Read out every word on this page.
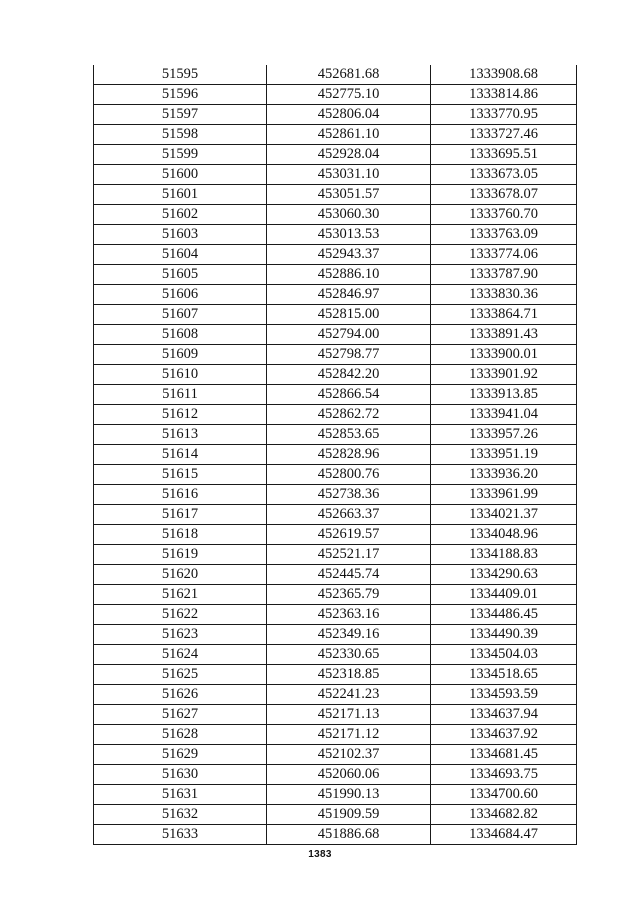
51595	452681.68	1333908.68
51596	452775.10	1333814.86
51597	452806.04	1333770.95
51598	452861.10	1333727.46
51599	452928.04	1333695.51
51600	453031.10	1333673.05
51601	453051.57	1333678.07
51602	453060.30	1333760.70
51603	453013.53	1333763.09
51604	452943.37	1333774.06
51605	452886.10	1333787.90
51606	452846.97	1333830.36
51607	452815.00	1333864.71
51608	452794.00	1333891.43
51609	452798.77	1333900.01
51610	452842.20	1333901.92
51611	452866.54	1333913.85
51612	452862.72	1333941.04
51613	452853.65	1333957.26
51614	452828.96	1333951.19
51615	452800.76	1333936.20
51616	452738.36	1333961.99
51617	452663.37	1334021.37
51618	452619.57	1334048.96
51619	452521.17	1334188.83
51620	452445.74	1334290.63
51621	452365.79	1334409.01
51622	452363.16	1334486.45
51623	452349.16	1334490.39
51624	452330.65	1334504.03
51625	452318.85	1334518.65
51626	452241.23	1334593.59
51627	452171.13	1334637.94
51628	452171.12	1334637.92
51629	452102.37	1334681.45
51630	452060.06	1334693.75
51631	451990.13	1334700.60
51632	451909.59	1334682.82
51633	451886.68	1334684.47
1383
